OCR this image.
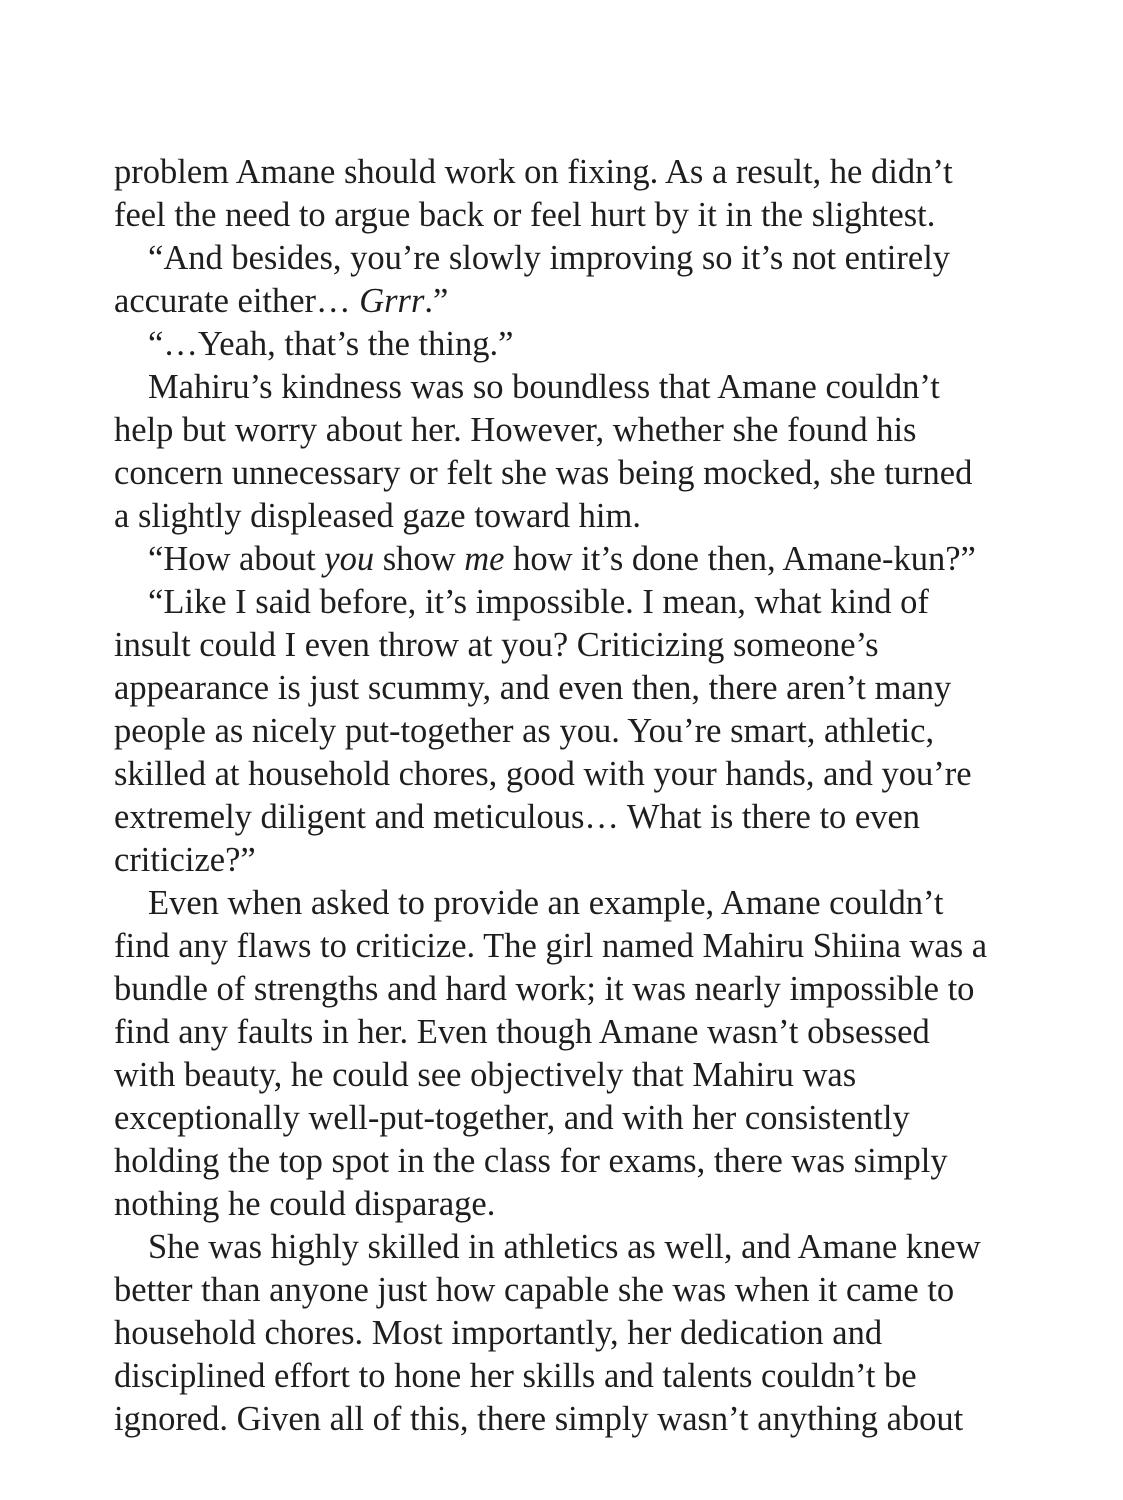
problem Amane should work on fixing. As a result, he didn’t
feel the need to argue back or feel hurt by it in the slightest.
“And besides, you’re slowly improving so it’s not entirely
accurate either… Grrr.”
“…Yeah, that’s the thing.”
Mahiru’s kindness was so boundless that Amane couldn’t
help but worry about her. However, whether she found his
concern unnecessary or felt she was being mocked, she turned
a slightly displeased gaze toward him.
“How about you show me how it’s done then, Amane-kun?”
“Like I said before, it’s impossible. I mean, what kind of
insult could I even throw at you? Criticizing someone’s
appearance is just scummy, and even then, there aren’t many
people as nicely put-together as you. You’re smart, athletic,
skilled at household chores, good with your hands, and you’re
extremely diligent and meticulous… What is there to even
criticize?”
Even when asked to provide an example, Amane couldn’t
find any flaws to criticize. The girl named Mahiru Shiina was a
bundle of strengths and hard work; it was nearly impossible to
find any faults in her. Even though Amane wasn’t obsessed
with beauty, he could see objectively that Mahiru was
exceptionally well-put-together, and with her consistently
holding the top spot in the class for exams, there was simply
nothing he could disparage.
She was highly skilled in athletics as well, and Amane knew
better than anyone just how capable she was when it came to
household chores. Most importantly, her dedication and
disciplined effort to hone her skills and talents couldn’t be
ignored. Given all of this, there simply wasn’t anything about
